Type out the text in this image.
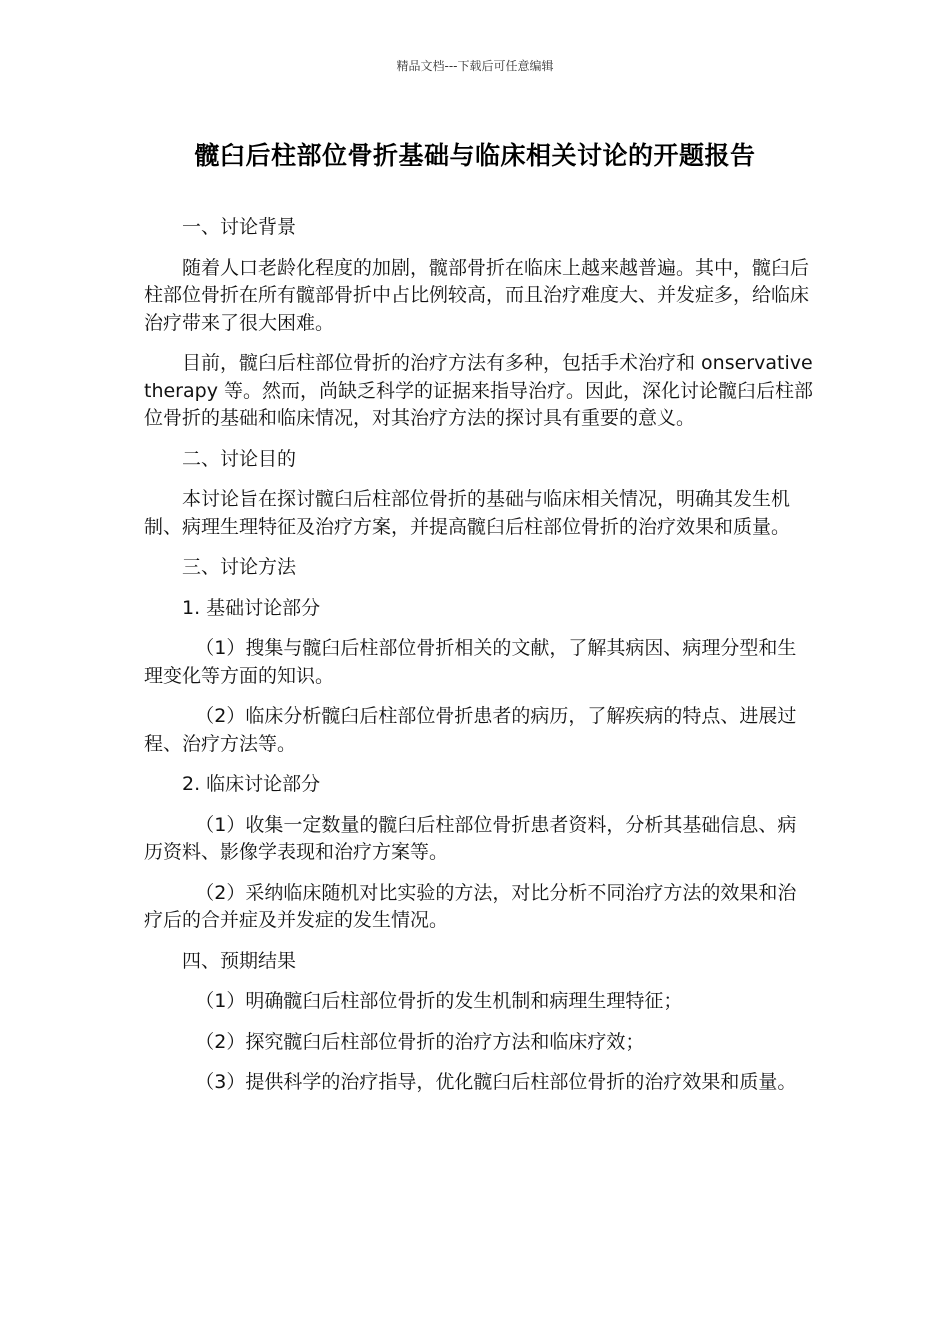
精品文档---下载后可任意编辑
髋臼后柱部位骨折基础与临床相关讨论的开题报告

一、讨论背景

随着人口老龄化程度的加剧，髋部骨折在临床上越来越普遍。其中，髋臼后柱部位骨折在所有髋部骨折中占比例较高，而且治疗难度大、并发症多，给临床治疗带来了很大困难。

目前，髋臼后柱部位骨折的治疗方法有多种，包括手术治疗和 onservative therapy 等。然而，尚缺乏科学的证据来指导治疗。因此，深化讨论髋臼后柱部位骨折的基础和临床情况，对其治疗方法的探讨具有重要的意义。

二、讨论目的

本讨论旨在探讨髋臼后柱部位骨折的基础与临床相关情况，明确其发生机制、病理生理特征及治疗方案，并提高髋臼后柱部位骨折的治疗效果和质量。

三、讨论方法

1. 基础讨论部分

（1）搜集与髋臼后柱部位骨折相关的文献，了解其病因、病理分型和生理变化等方面的知识。

（2）临床分析髋臼后柱部位骨折患者的病历，了解疾病的特点、进展过程、治疗方法等。

2. 临床讨论部分

（1）收集一定数量的髋臼后柱部位骨折患者资料，分析其基础信息、病历资料、影像学表现和治疗方案等。

（2）采纳临床随机对比实验的方法，对比分析不同治疗方法的效果和治疗后的合并症及并发症的发生情况。

四、预期结果

（1）明确髋臼后柱部位骨折的发生机制和病理生理特征；

（2）探究髋臼后柱部位骨折的治疗方法和临床疗效；

（3）提供科学的治疗指导，优化髋臼后柱部位骨折的治疗效果和质量。
